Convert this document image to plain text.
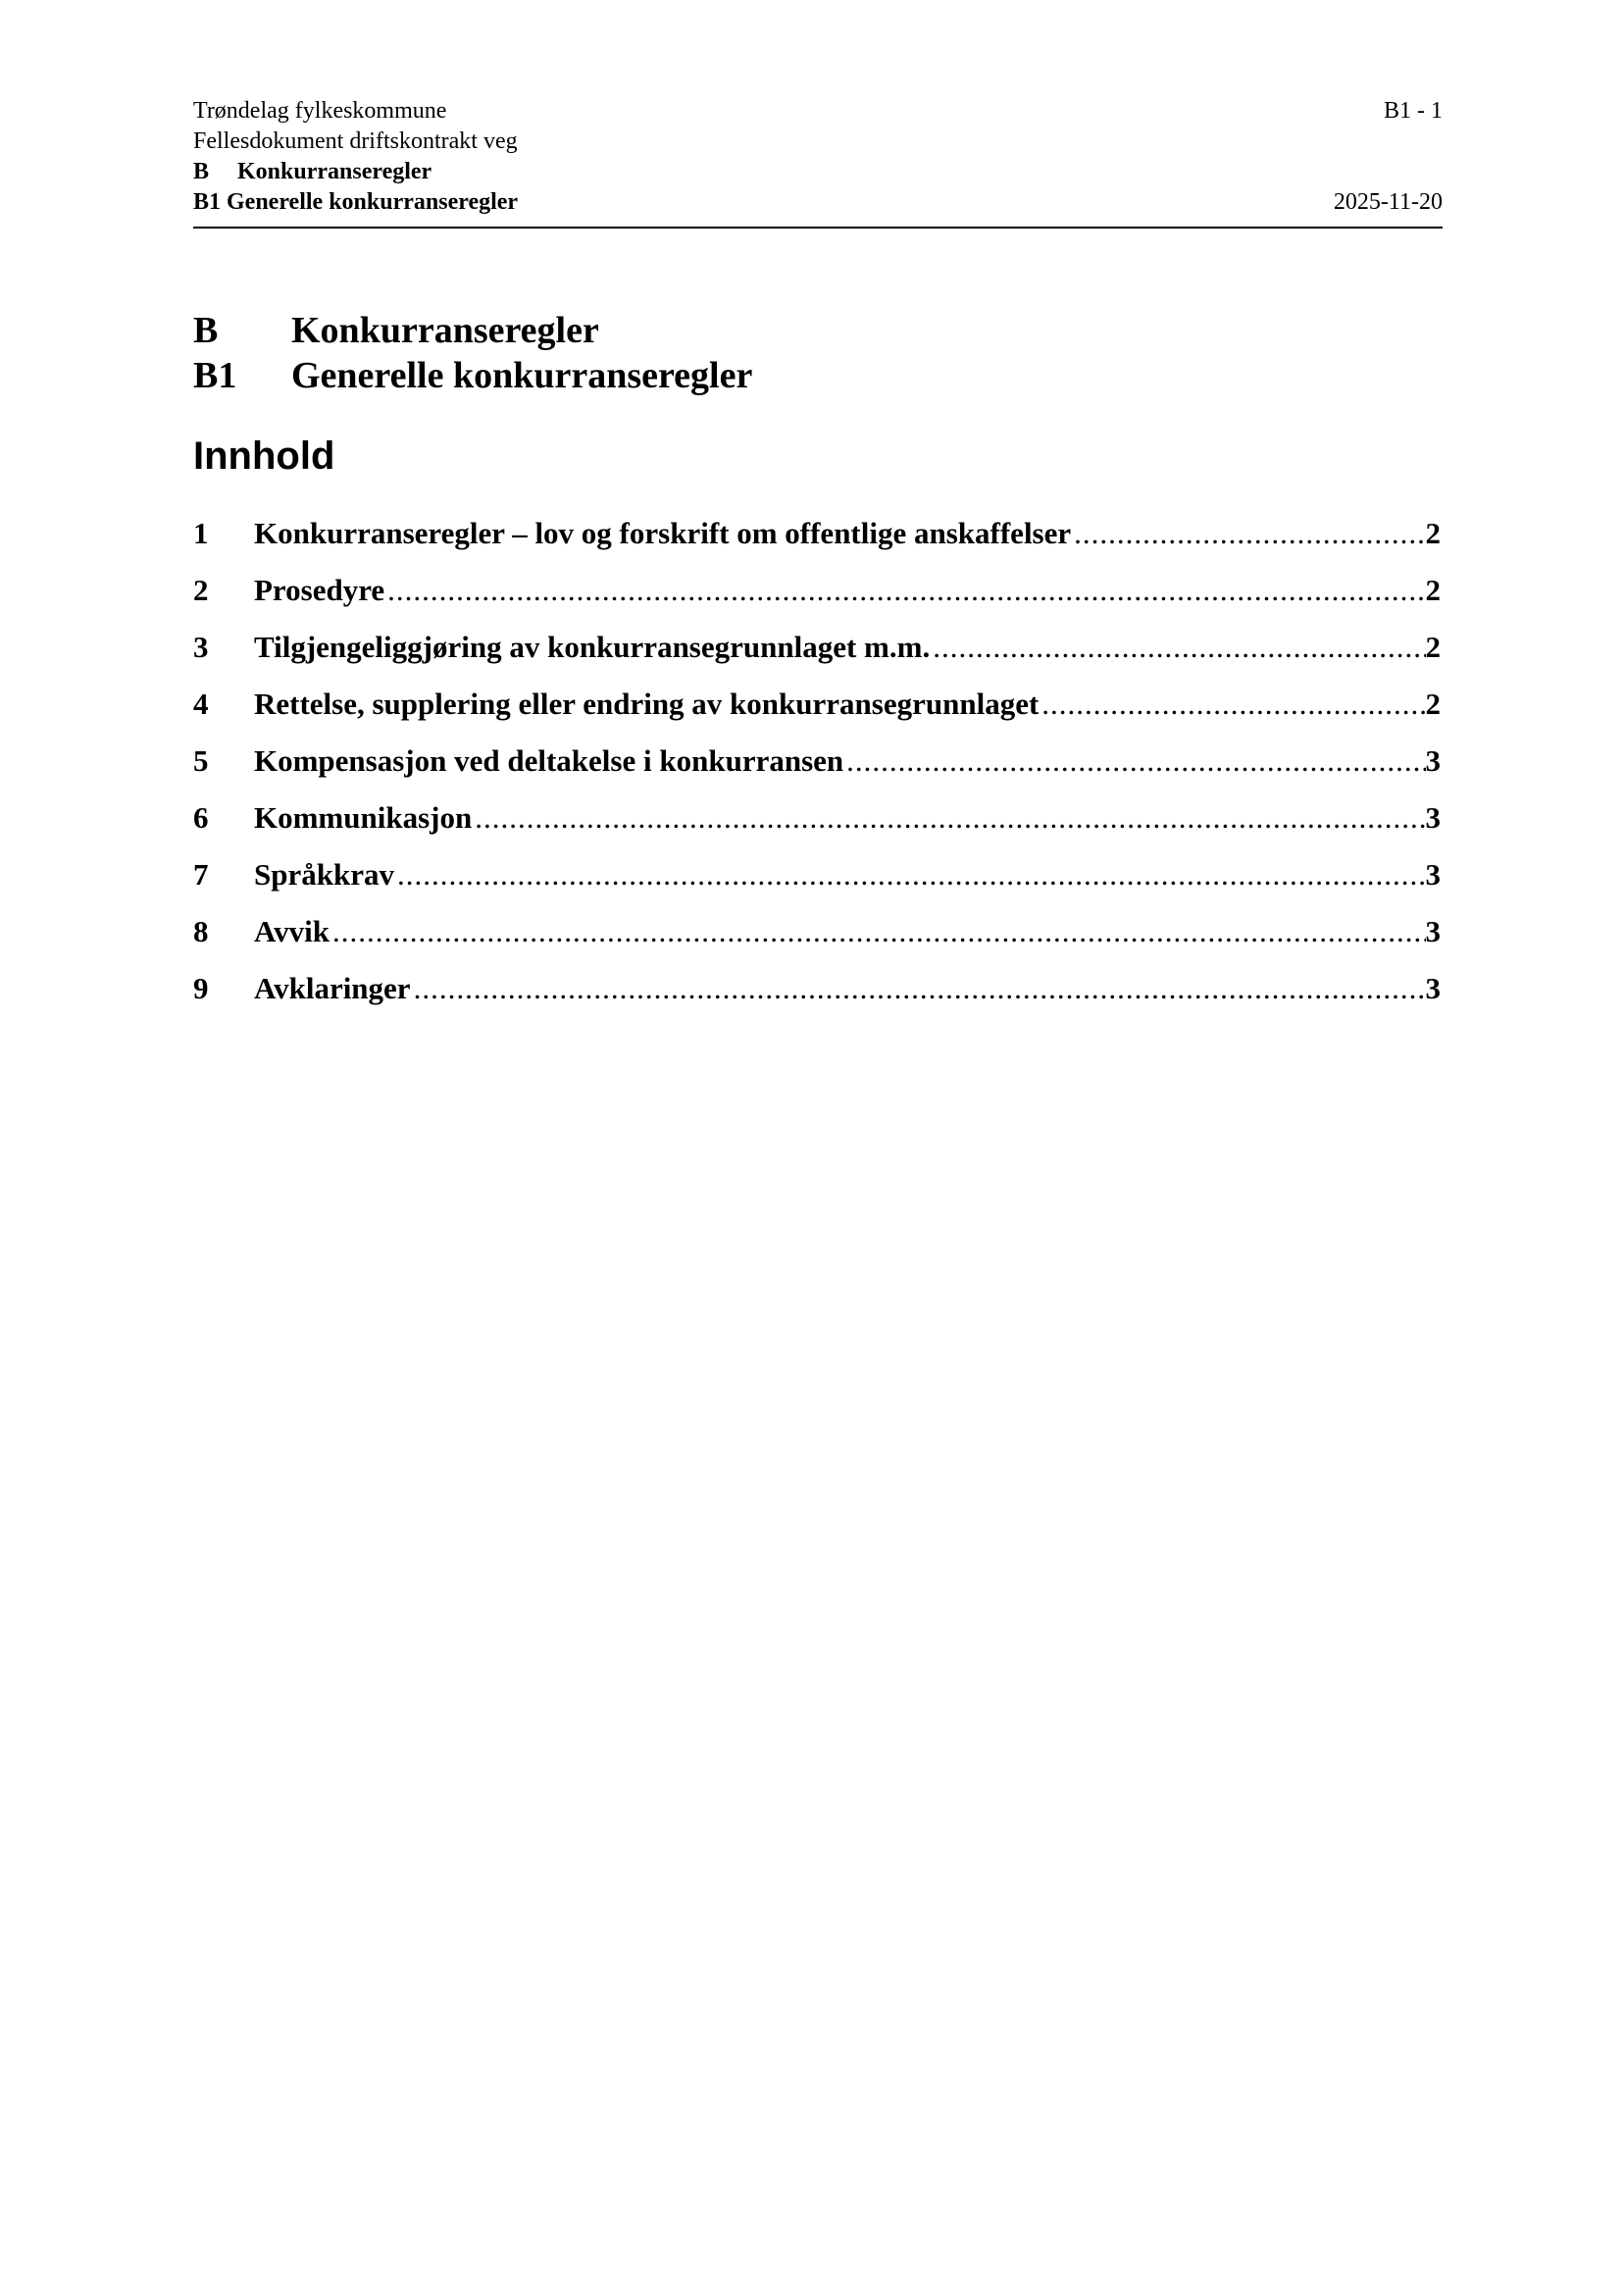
Trøndelag fylkeskommune	B1 - 1
Fellesdokument driftskontrakt veg
B Konkurranseregler
B1 Generelle konkurranseregler	2025-11-20
B	Konkurranseregler
B1	Generelle konkurranseregler
Innhold
1	Konkurranseregler – lov og forskrift om offentlige anskaffelser .....	2
2	Prosedyre .....	2
3	Tilgjengeliggjøring av konkurransegrunnlaget m.m. .....	2
4	Rettelse, supplering eller endring av konkurransegrunnlaget .....	2
5	Kompensasjon ved deltakelse i konkurransen .....	3
6	Kommunikasjon .....	3
7	Språkkrav .....	3
8	Avvik .....	3
9	Avklaringer .....	3
